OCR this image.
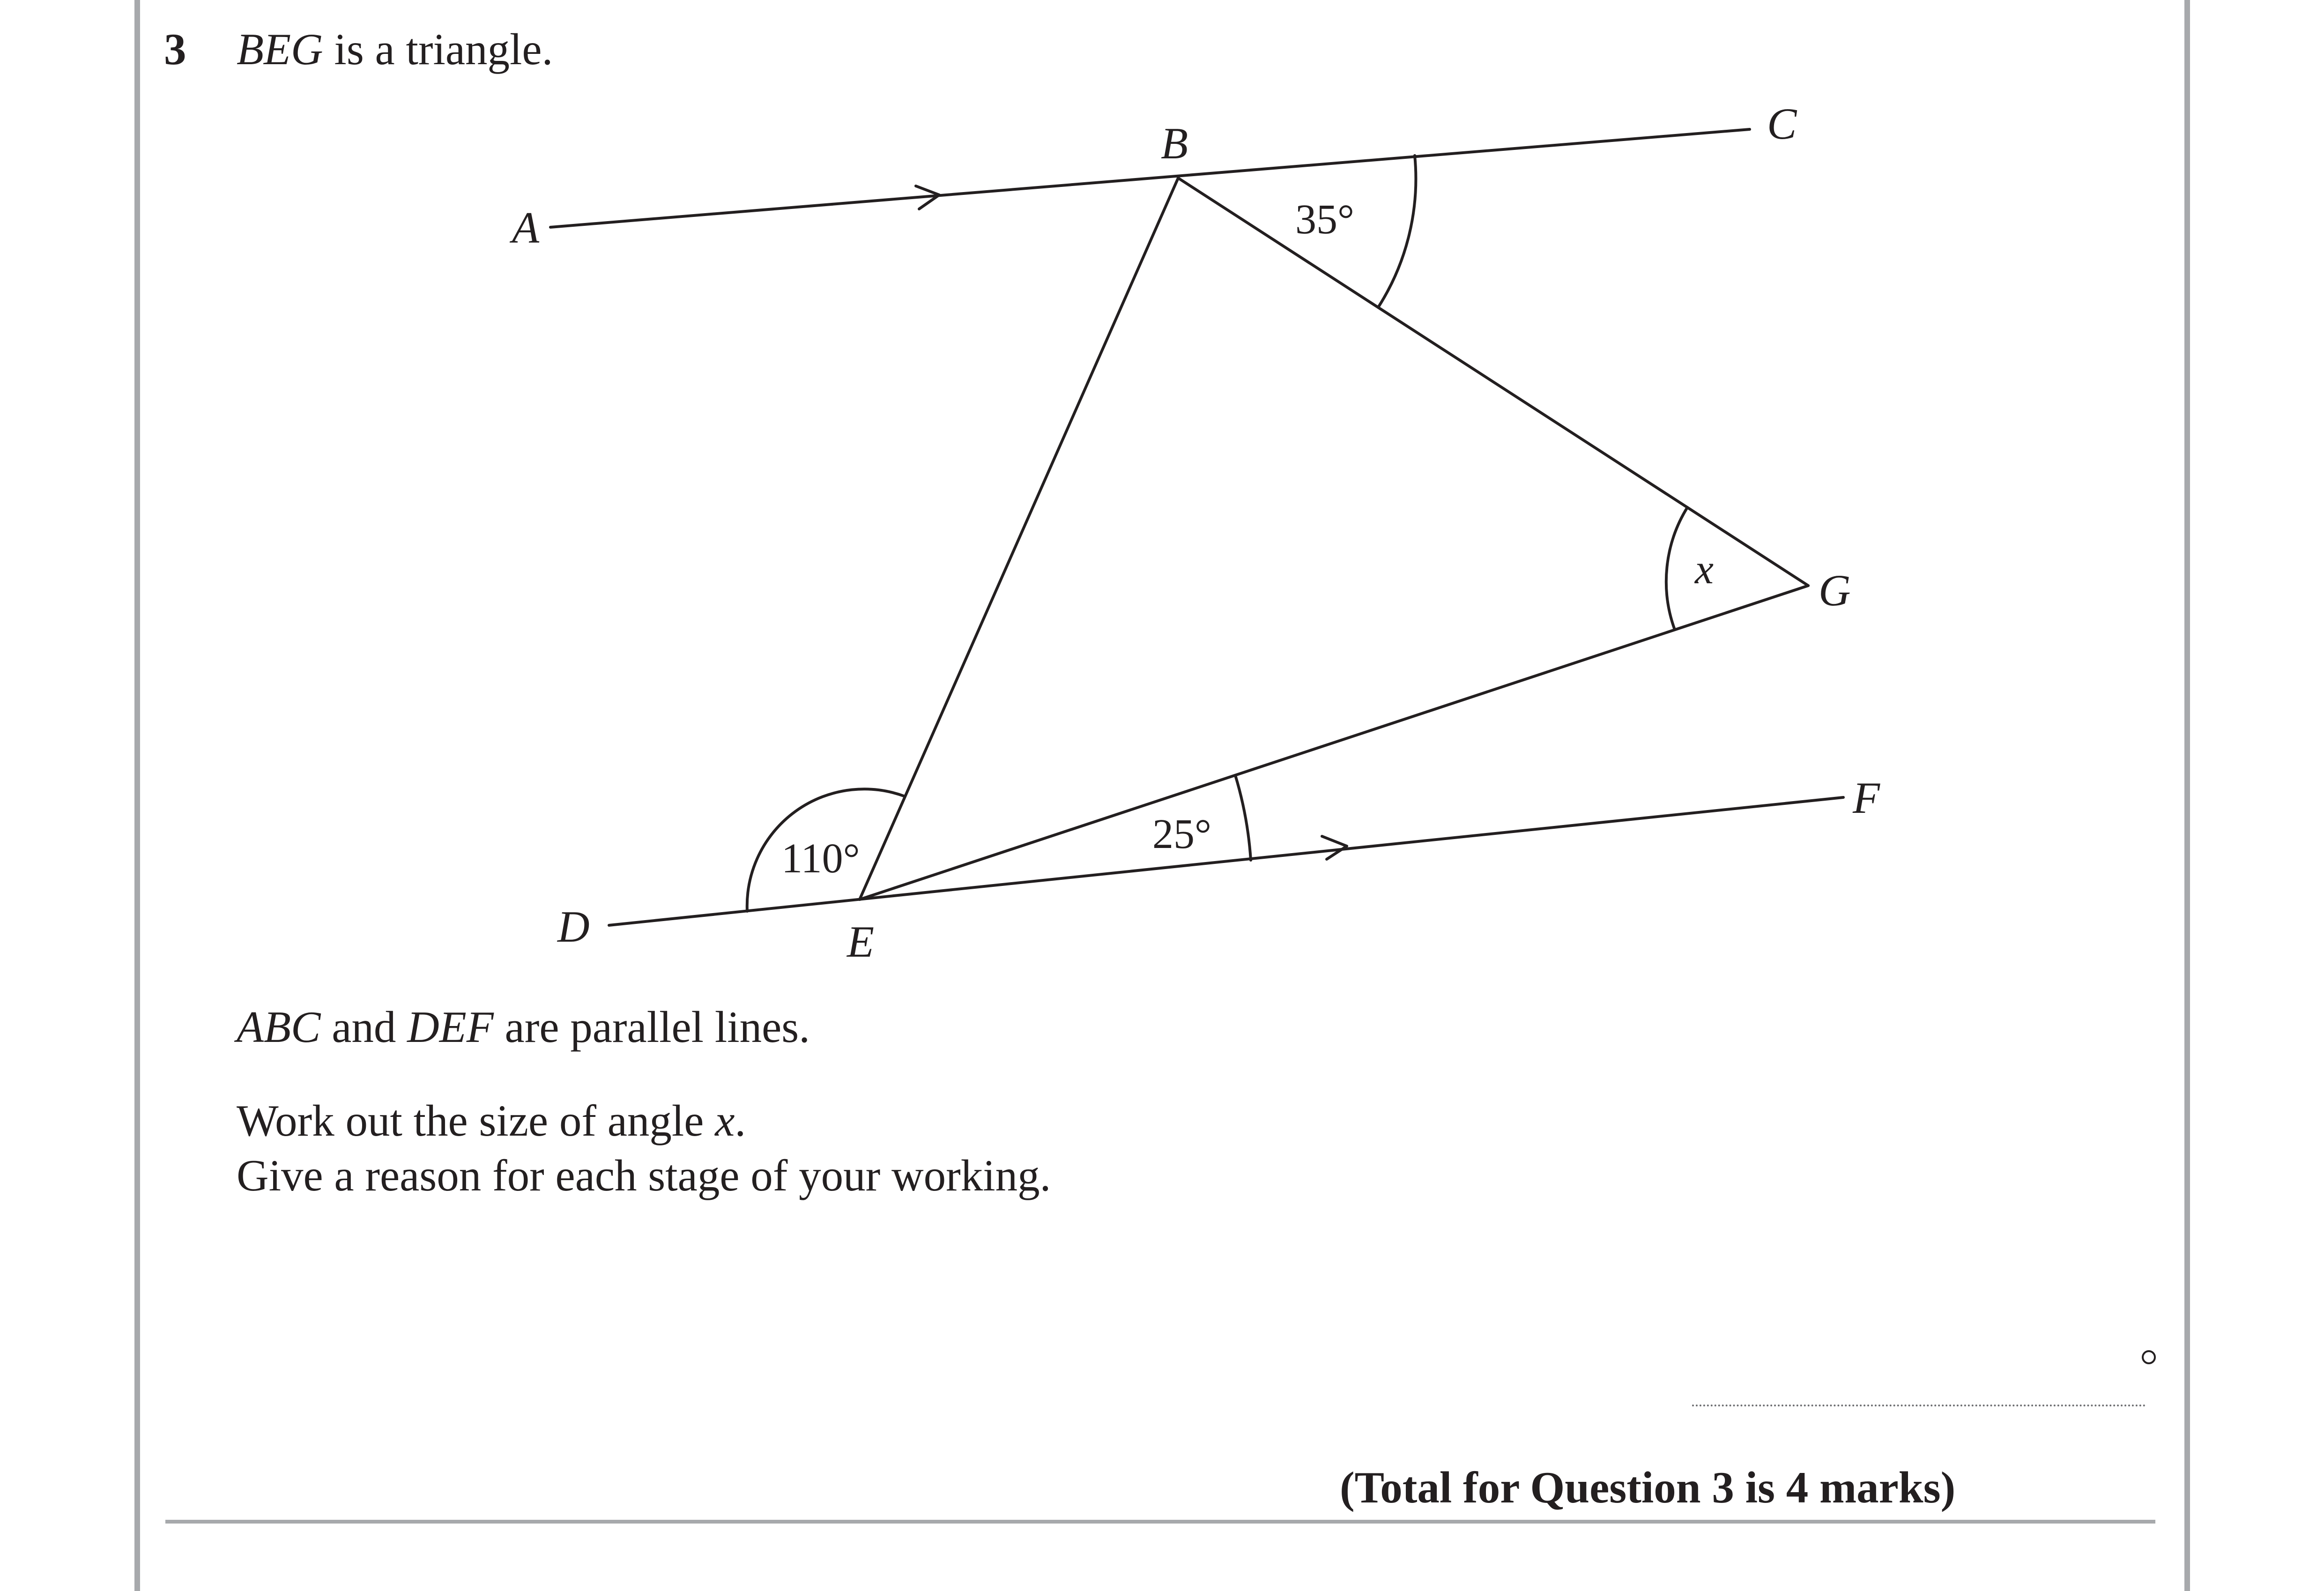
3 BEG is a triangle.
A
B	C
D	E
F
G
35°
x
110°
25°
ABC and DEF are parallel lines.
Work out the size of angle x.
Give a reason for each stage of your working.
(Total for Question 3 is 4 marks)
